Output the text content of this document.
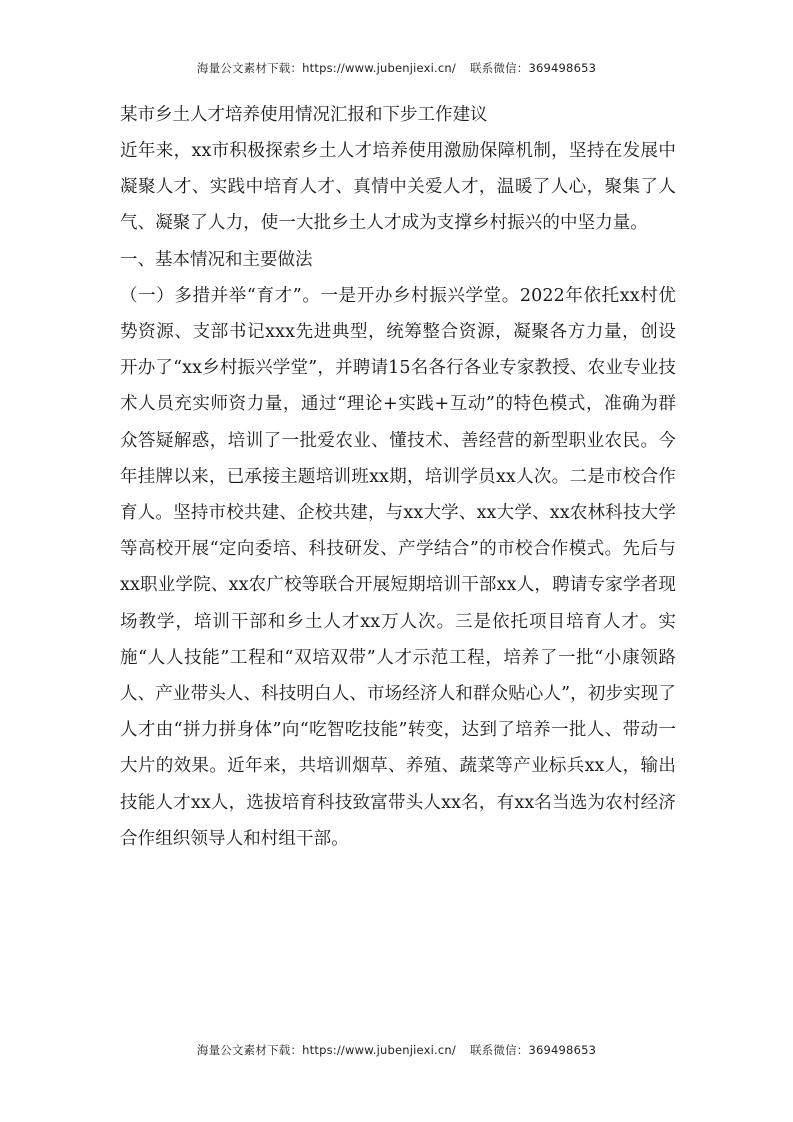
海量公文素材下载：https://www.jubenjiexi.cn/ 联系微信：369498653

某市乡土人才培养使用情况汇报和下步工作建议

近年来，xx市积极探索乡土人才培养使用激励保障机制，坚持在发展中凝聚人才、实践中培育人才、真情中关爱人才，温暖了人心，聚集了人气、凝聚了人力，使一大批乡土人才成为支撑乡村振兴的中坚力量。

一、基本情况和主要做法

（一）多措并举“育才”。一是开办乡村振兴学堂。2022年依托xx村优势资源、支部书记xxx先进典型，统筹整合资源，凝聚各方力量，创设开办了“xx乡村振兴学堂”，并聘请15名各行各业专家教授、农业专业技术人员充实师资力量，通过“理论+实践+互动”的特色模式，准确为群众答疑解惑，培训了一批爱农业、懂技术、善经营的新型职业农民。今年挂牌以来，已承接主题培训班xx期，培训学员xx人次。二是市校合作育人。坚持市校共建、企校共建，与xx大学、xx大学、xx农林科技大学等高校开展“定向委培、科技研发、产学结合”的市校合作模式。先后与xx职业学院、xx农广校等联合开展短期培训干部xx人，聘请专家学者现场教学，培训干部和乡土人才xx万人次。三是依托项目培育人才。实施“人人技能”工程和“双培双带”人才示范工程，培养了一批“小康领路人、产业带头人、科技明白人、市场经济人和群众贴心人”，初步实现了人才由“拼力拼身体”向“吃智吃技能”转变，达到了培养一批人、带动一大片的效果。近年来，共培训烟草、养殖、蔬菜等产业标兵xx人，输出技能人才xx人，选拔培育科技致富带头人xx名，有xx名当选为农村经济合作组织领导人和村组干部。

海量公文素材下载：https://www.jubenjiexi.cn/ 联系微信：369498653
